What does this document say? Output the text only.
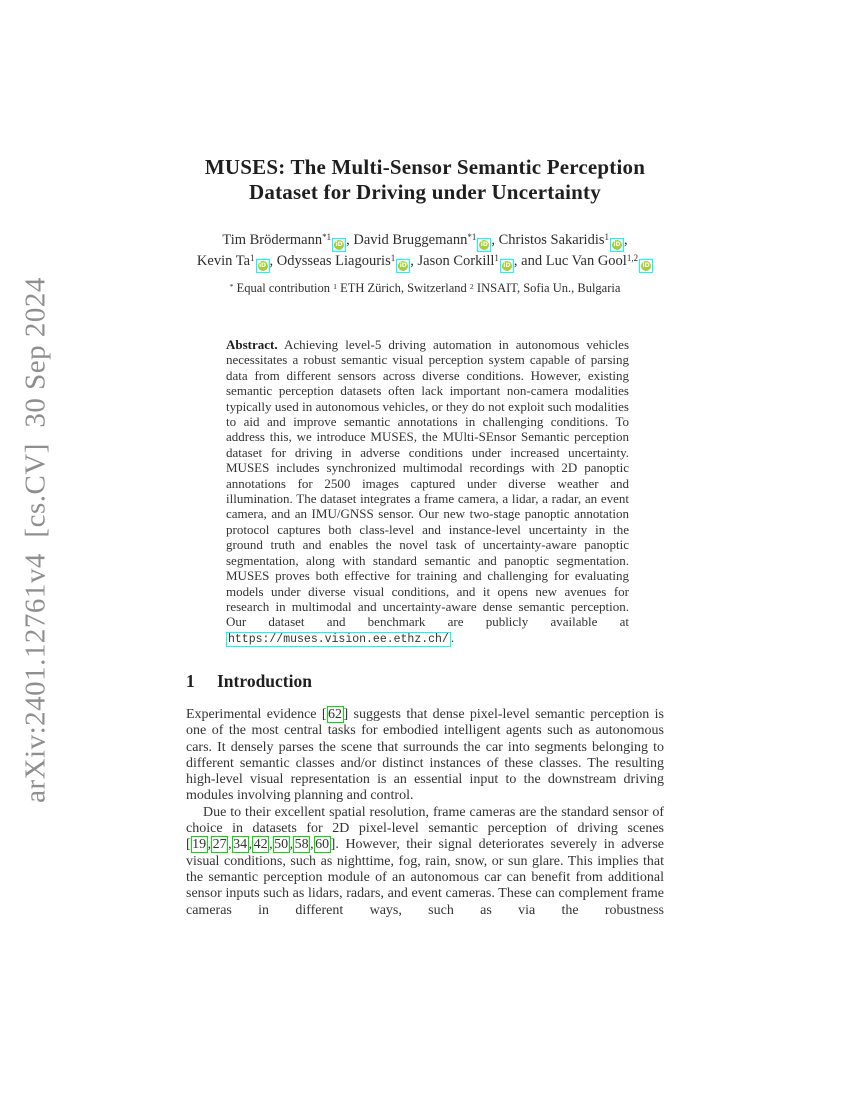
arXiv:2401.12761v4  [cs.CV]  30 Sep 2024
MUSES: The Multi-Sensor Semantic Perception
Dataset for Driving under Uncertainty
Tim Brödermann$^{*1}$iD , David Bruggemann$^{*1}$iD , Christos Sakaridis$^1$iD ,
Kevin Ta$^1$iD , Odysseas Liagouris$^1$iD , Jason Corkill$^1$iD , and Luc Van Gool$^{1,2}$iD
* Equal contribution $^1$ ETH Zürich, Switzerland $^2$ INSAIT, Sofia Un., Bulgaria
Abstract. Achieving level-5 driving automation in autonomous vehicles necessitates a robust semantic visual perception system capable of parsing data from different sensors across diverse conditions. However, existing semantic perception datasets often lack important non-camera modalities typically used in autonomous vehicles, or they do not exploit such modalities to aid and improve semantic annotations in challenging conditions. To address this, we introduce MUSES, the MUlti-SEnsor Semantic perception dataset for driving in adverse conditions under increased uncertainty. MUSES includes synchronized multimodal recordings with 2D panoptic annotations for 2500 images captured under diverse weather and illumination. The dataset integrates a frame camera, a lidar, a radar, an event camera, and an IMU/GNSS sensor. Our new two-stage panoptic annotation protocol captures both class-level and instance-level uncertainty in the ground truth and enables the novel task of uncertainty-aware panoptic segmentation, along with standard semantic and panoptic segmentation. MUSES proves both effective for training and challenging for evaluating models under diverse visual conditions, and it opens new avenues for research in multimodal and uncertainty-aware dense semantic perception. Our dataset and benchmark are publicly available at https://muses.vision.ee.ethz.ch/ .
1 Introduction

Experimental evidence [ 62 ] suggests that dense pixel-level semantic perception is one of the most central tasks for embodied intelligent agents such as autonomous cars. It densely parses the scene that surrounds the car into segments belonging to different semantic classes and/or distinct instances of these classes. The resulting high-level visual representation is an essential input to the downstream driving modules involving planning and control.

Due to their excellent spatial resolution, frame cameras are the standard sensor of choice in datasets for 2D pixel-level semantic perception of driving scenes [ 19 , 27 , 34 , 42 , 50 , 58 , 60 ]. However, their signal deteriorates severely in adverse visual conditions, such as nighttime, fog, rain, snow, or sun glare. This implies that the semantic perception module of an autonomous car can benefit from additional sensor inputs such as lidars, radars, and event cameras. These can complement frame cameras in different ways, such as via the robustness
